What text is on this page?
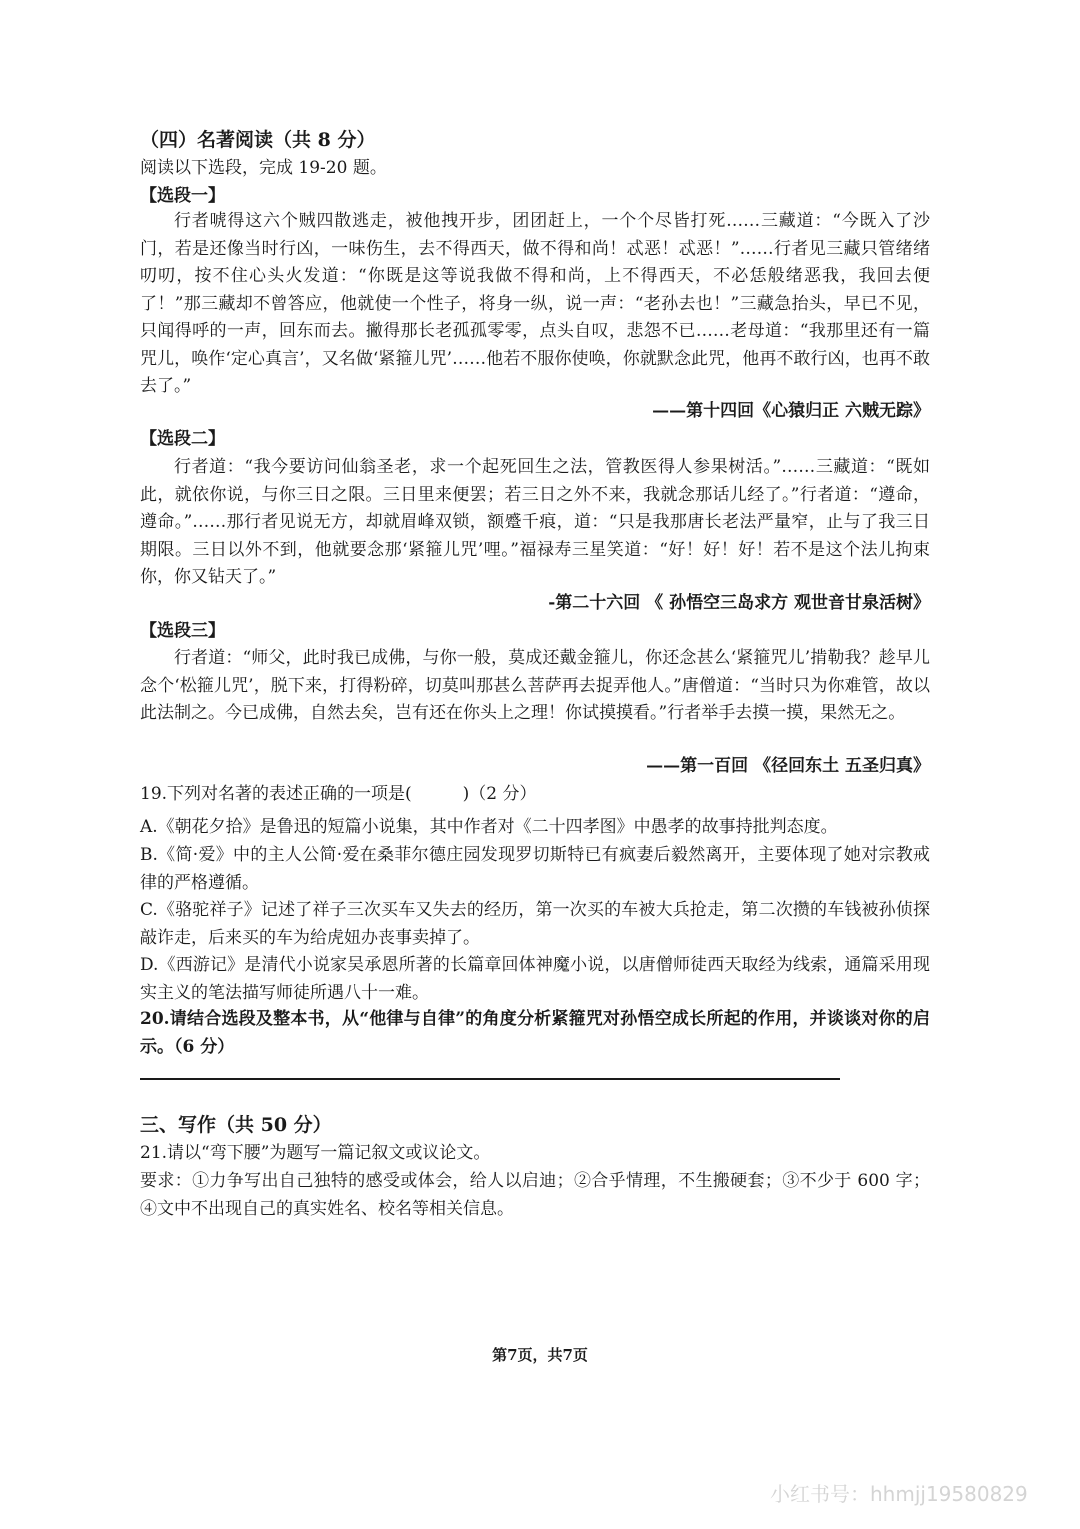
（四）名著阅读（共 8 分）
阅读以下选段，完成 19-20 题。
【选段一】
行者唬得这六个贼四散逃走，被他拽开步，团团赶上，一个个尽皆打死……三藏道：“今既入了沙门，若是还像当时行凶，一味伤生，去不得西天，做不得和尚！忒恶！忒恶！”……行者见三藏只管绪绪叨叨，按不住心头火发道：“你既是这等说我做不得和尚，上不得西天，不必恁般绪恶我，我回去便了！”那三藏却不曾答应，他就使一个性子，将身一纵，说一声：“老孙去也！”三藏急抬头，早已不见，只闻得呼的一声，回东而去。撇得那长老孤孤零零，点头自叹，悲怨不已……老母道：“我那里还有一篇咒儿，唤作‘定心真言’，又名做‘紧箍儿咒’……他若不服你使唤，你就默念此咒，他再不敢行凶，也再不敢去了。”
——第十四回《心猿归正 六贼无踪》
【选段二】
行者道：“我今要访问仙翁圣老，求一个起死回生之法，管教医得人参果树活。”……三藏道：“既如此，就依你说，与你三日之限。三日里来便罢；若三日之外不来，我就念那话儿经了。”行者道：“遵命，遵命。”……那行者见说无方，却就眉峰双锁，额蹙千痕，道：“只是我那唐长老法严量窄，止与了我三日期限。三日以外不到，他就要念那‘紧箍儿咒’哩。”福禄寿三星笑道：“好！好！好！若不是这个法儿拘束你，你又钻天了。”
-第二十六回 《 孙悟空三岛求方 观世音甘泉活树》
【选段三】
行者道：“师父，此时我已成佛，与你一般，莫成还戴金箍儿，你还念甚么‘紧箍咒儿’掯勒我？趁早儿念个‘松箍儿咒’，脱下来，打得粉碎，切莫叫那甚么菩萨再去捉弄他人。”唐僧道：“当时只为你难管，故以此法制之。今已成佛，自然去矣，岂有还在你头上之理！你试摸摸看。”行者举手去摸一摸，果然无之。
——第一百回 《径回东土 五圣归真》
19.下列对名著的表述正确的一项是(　　　)（2 分）
A.《朝花夕拾》是鲁迅的短篇小说集，其中作者对《二十四孝图》中愚孝的故事持批判态度。
B.《简·爱》中的主人公简·爱在桑菲尔德庄园发现罗切斯特已有疯妻后毅然离开，主要体现了她对宗教戒律的严格遵循。
C.《骆驼祥子》记述了祥子三次买车又失去的经历，第一次买的车被大兵抢走，第二次攒的车钱被孙侦探敲诈走，后来买的车为给虎妞办丧事卖掉了。
D.《西游记》是清代小说家吴承恩所著的长篇章回体神魔小说，以唐僧师徒西天取经为线索，通篇采用现实主义的笔法描写师徒所遇八十一难。
20.请结合选段及整本书，从“他律与自律”的角度分析紧箍咒对孙悟空成长所起的作用，并谈谈对你的启示。（6 分）
三、写作（共 50 分）
21.请以“弯下腰”为题写一篇记叙文或议论文。
要求：①力争写出自己独特的感受或体会，给人以启迪；②合乎情理，不生搬硬套；③不少于 600 字；④文中不出现自己的真实姓名、校名等相关信息。
第7页，共7页
小红书号：hhmjj19580829
